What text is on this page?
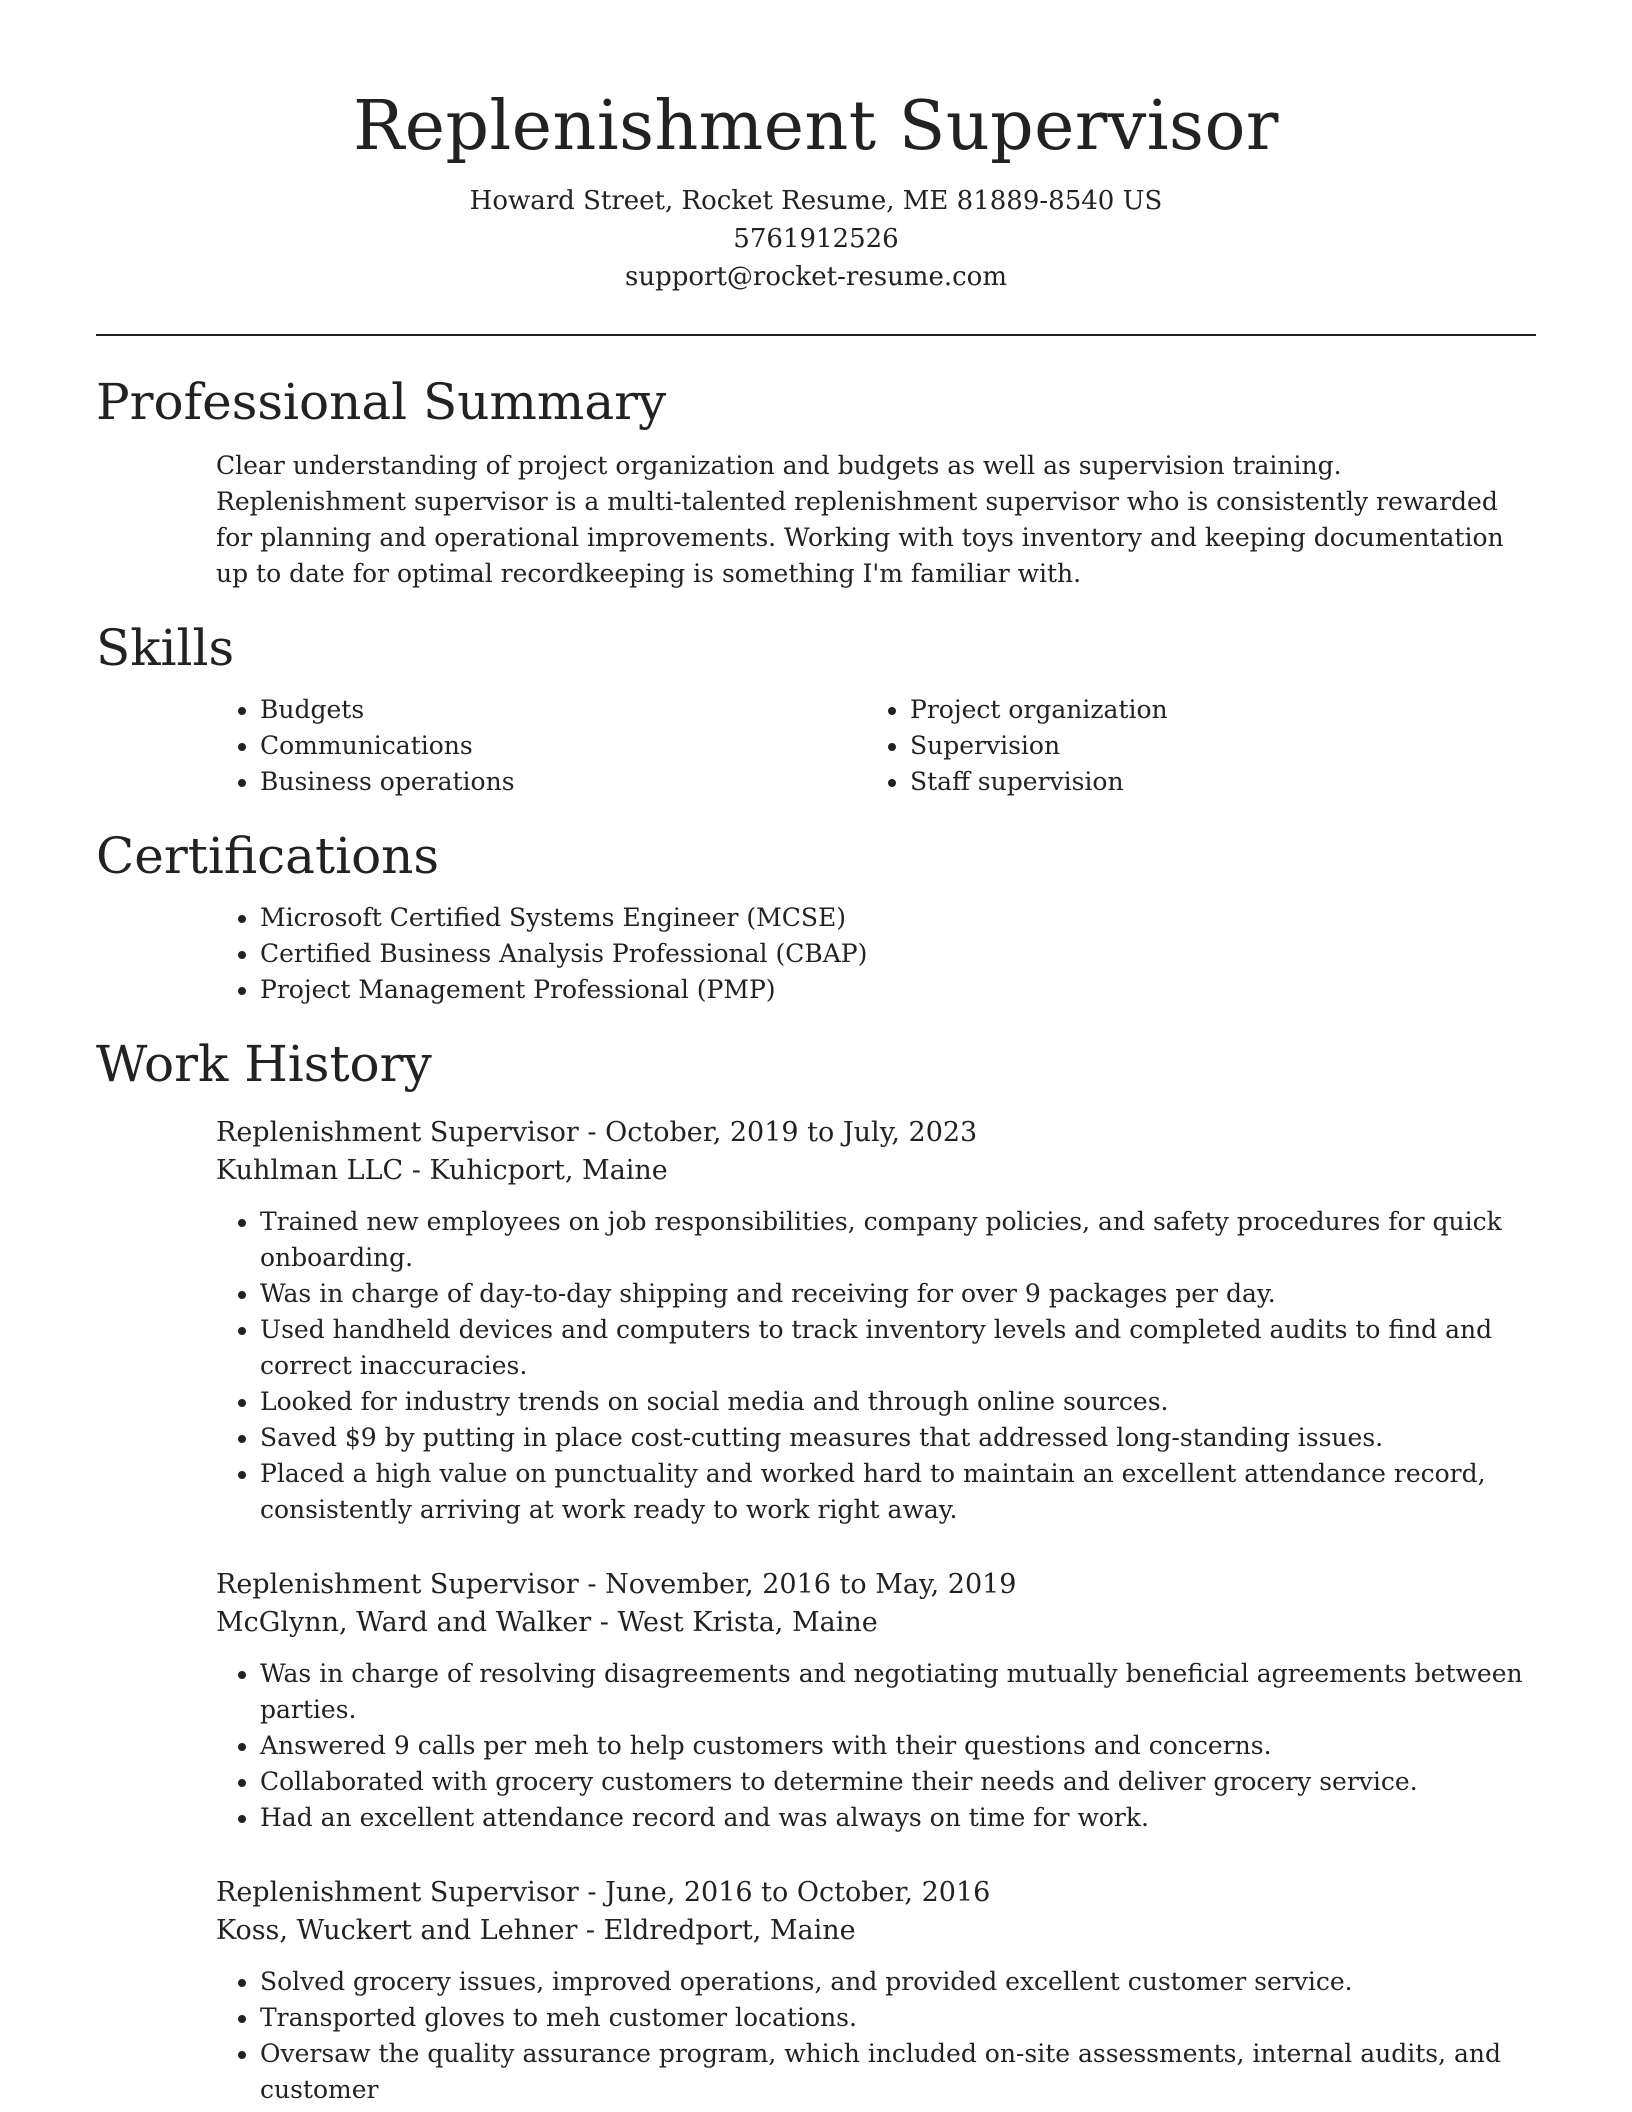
Replenishment Supervisor

Howard Street, Rocket Resume, ME 81889-8540 US

5761912526

support@rocket-resume.com

Professional Summary

Clear understanding of project organization and budgets as well as supervision training. Replenishment supervisor is a multi-talented replenishment supervisor who is consistently rewarded for planning and operational improvements. Working with toys inventory and keeping documentation up to date for optimal recordkeeping is something I'm familiar with.

Skills
• Budgets
• Communications
• Business operations
• Project organization
• Supervision
• Staff supervision
Certifications
• Microsoft Certified Systems Engineer (MCSE)
• Certified Business Analysis Professional (CBAP)
• Project Management Professional (PMP)
Work History

Replenishment Supervisor - October, 2019 to July, 2023

Kuhlman LLC - Kuhicport, Maine

• Trained new employees on job responsibilities, company policies, and safety procedures for quick onboarding.
• Was in charge of day-to-day shipping and receiving for over 9 packages per day.
• Used handheld devices and computers to track inventory levels and completed audits to find and correct inaccuracies.
• Looked for industry trends on social media and through online sources.
• Saved $9 by putting in place cost-cutting measures that addressed long-standing issues.
• Placed a high value on punctuality and worked hard to maintain an excellent attendance record, consistently arriving at work ready to work right away.

Replenishment Supervisor - November, 2016 to May, 2019

McGlynn, Ward and Walker - West Krista, Maine

• Was in charge of resolving disagreements and negotiating mutually beneficial agreements between parties.
• Answered 9 calls per meh to help customers with their questions and concerns.
• Collaborated with grocery customers to determine their needs and deliver grocery service.
• Had an excellent attendance record and was always on time for work.

Replenishment Supervisor - June, 2016 to October, 2016

Koss, Wuckert and Lehner - Eldredport, Maine

• Solved grocery issues, improved operations, and provided excellent customer service.
• Transported gloves to meh customer locations.
• Oversaw the quality assurance program, which included on-site assessments, internal audits, and customer
